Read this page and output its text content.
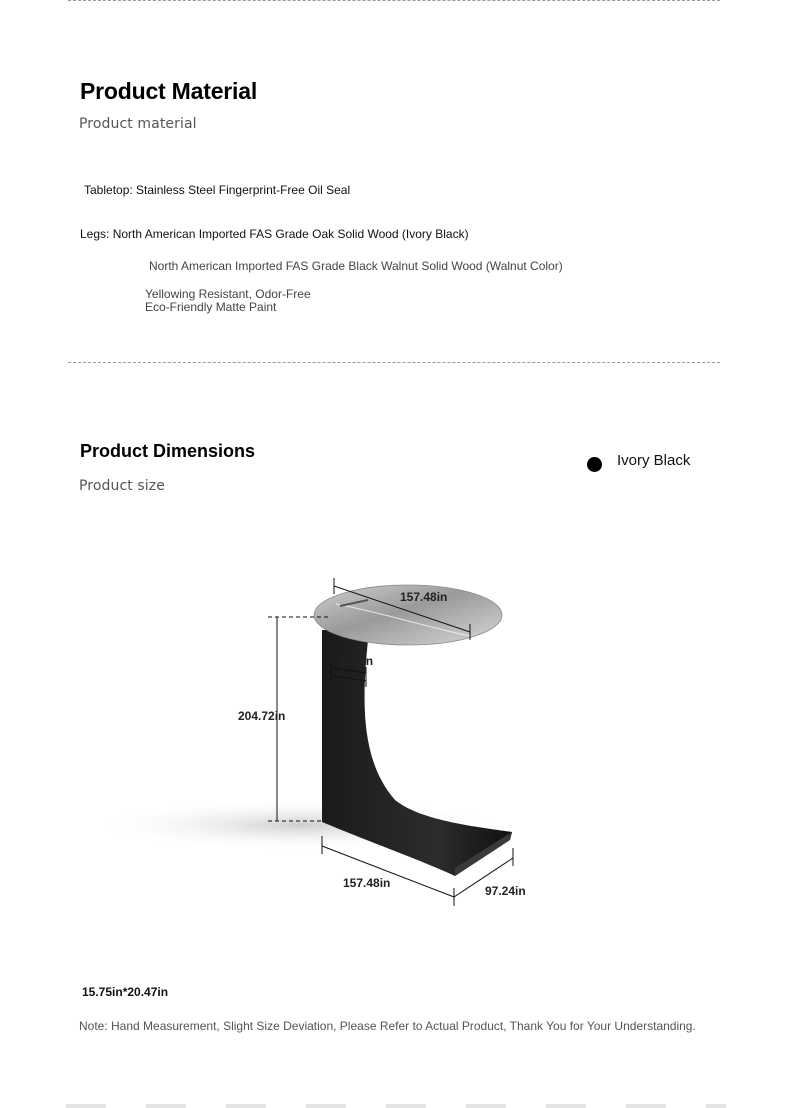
Product Material
Product material
Tabletop: Stainless Steel Fingerprint-Free Oil Seal
Legs: North American Imported FAS Grade Oak Solid Wood (Ivory Black)
North American Imported FAS Grade Black Walnut Solid Wood (Walnut Color)
Yellowing Resistant, Odor-Free
Eco-Friendly Matte Paint
Product Dimensions
Product size
Ivory Black
157.48in
2.36in
204.72in
157.48in
97.24in
15.75in*20.47in
Note: Hand Measurement, Slight Size Deviation, Please Refer to Actual Product, Thank You for Your Understanding.
